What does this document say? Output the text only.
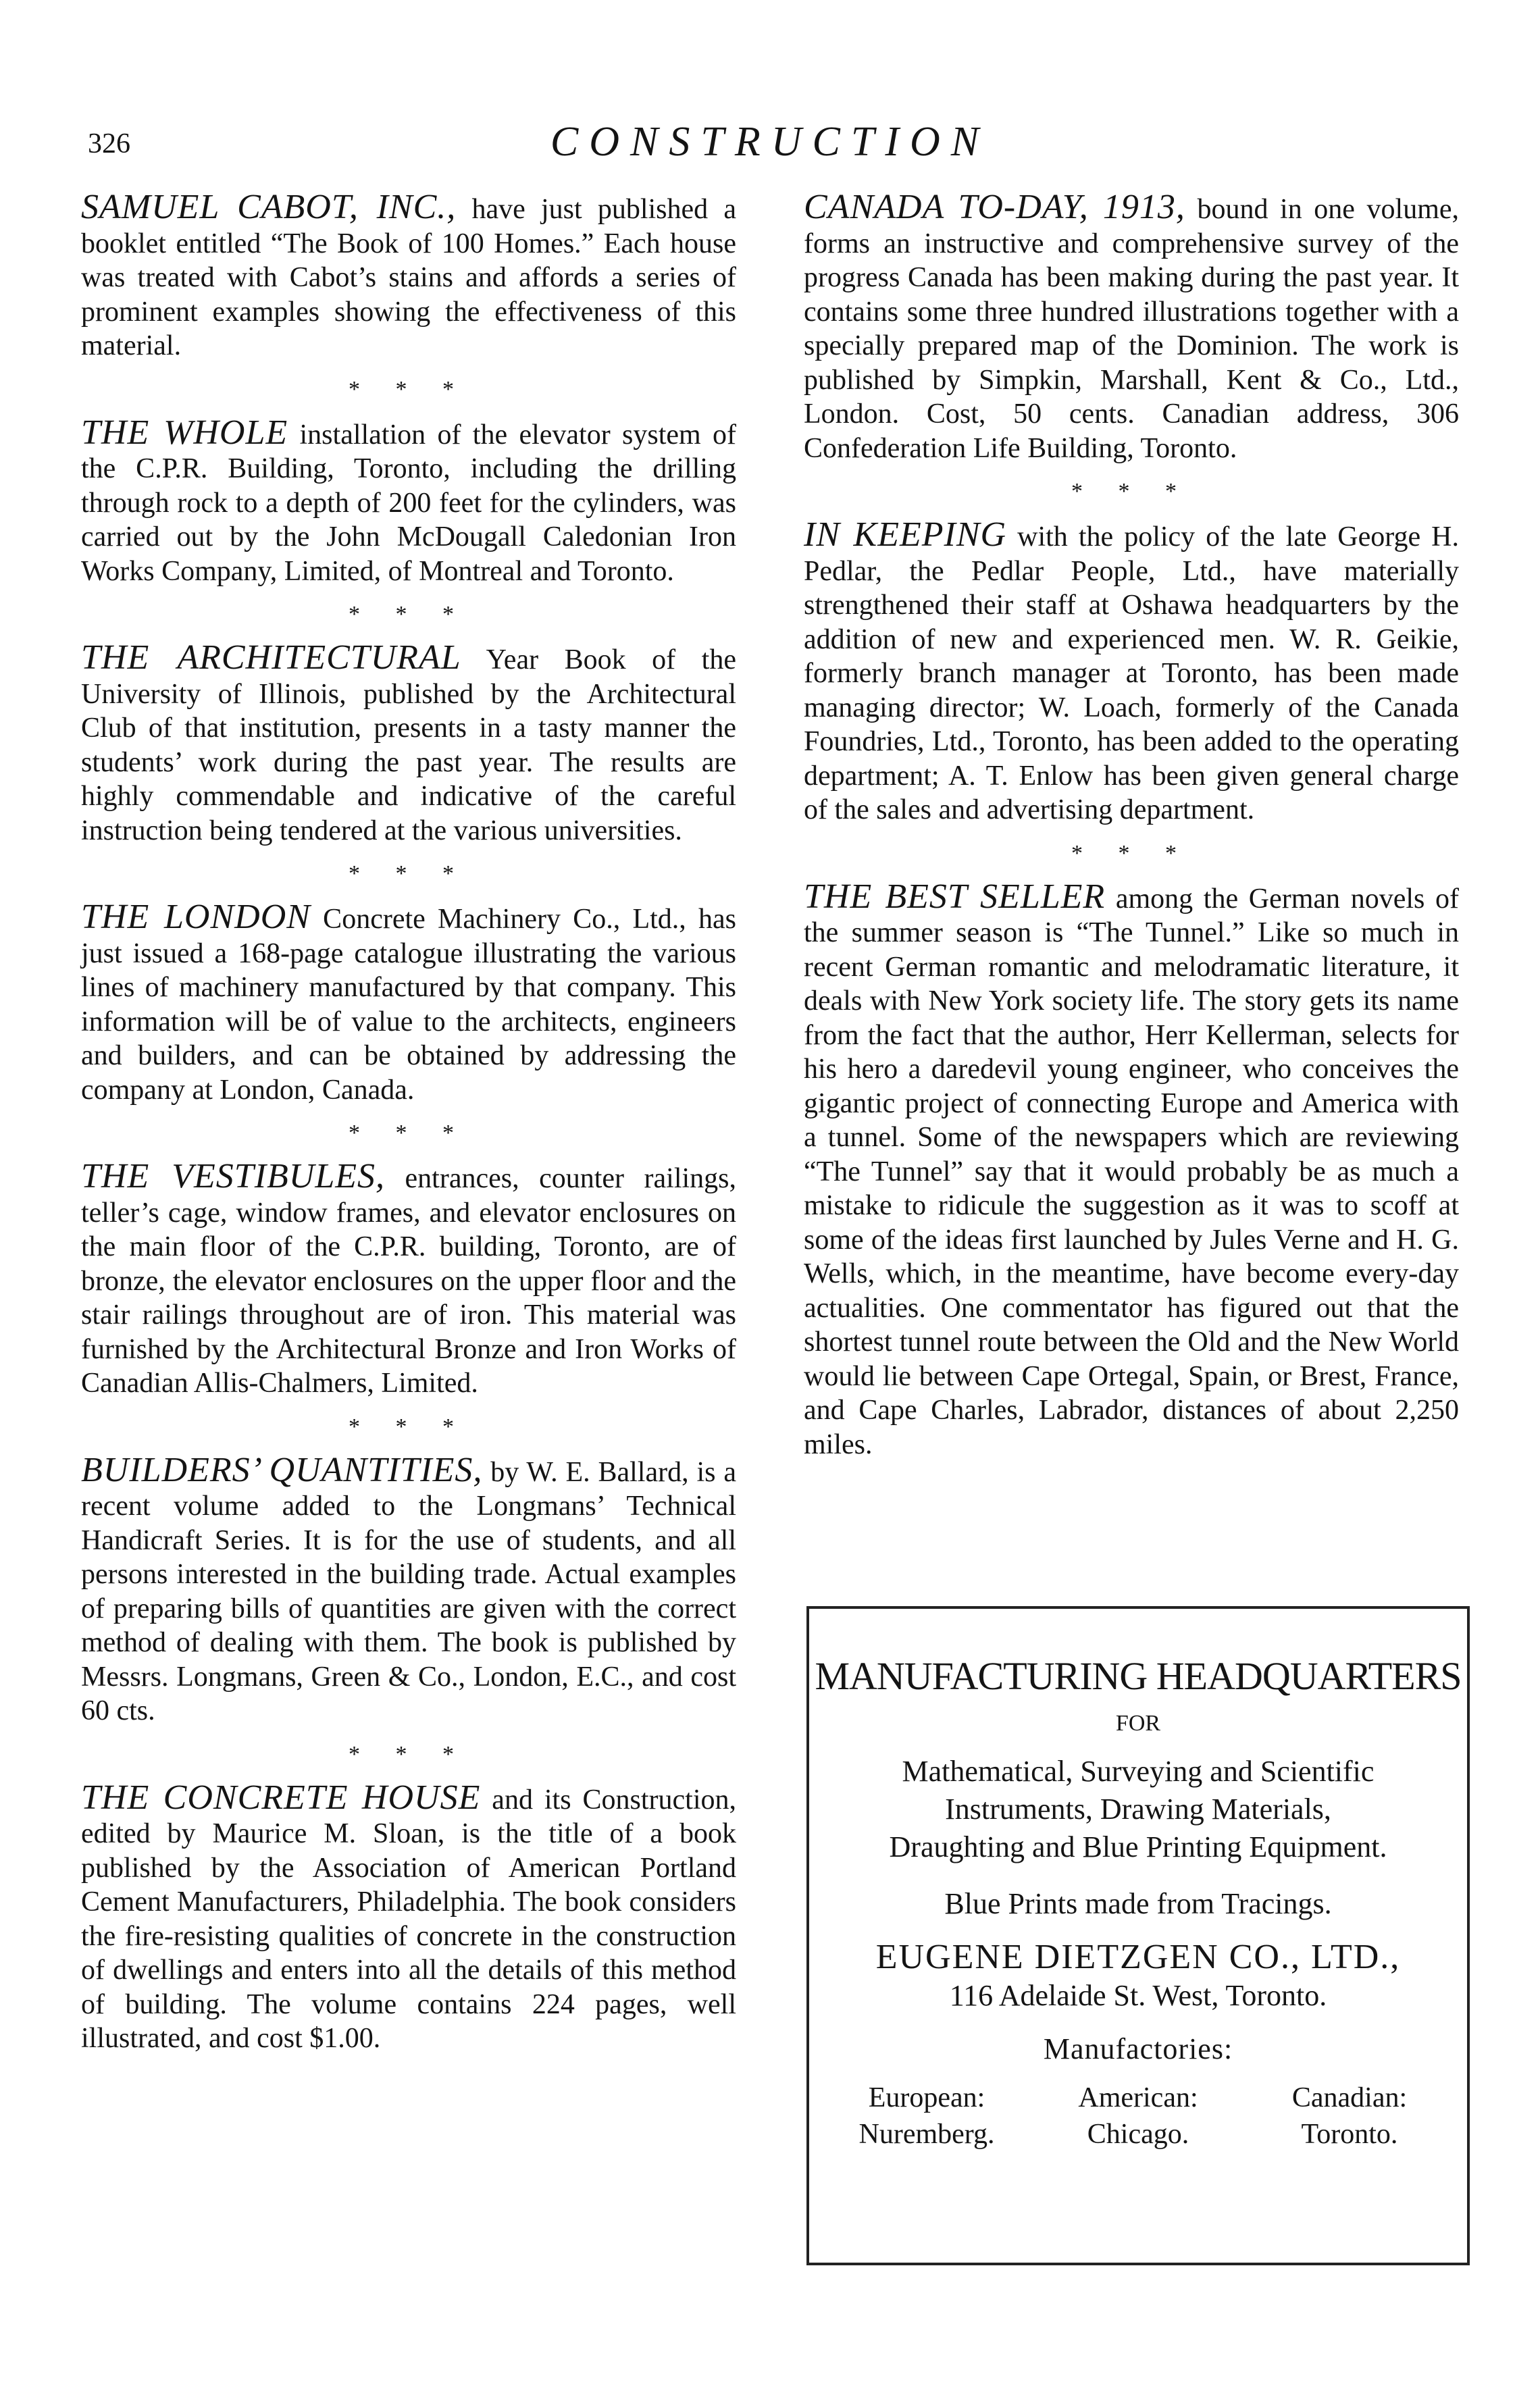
CONSTRUCTION
326

SAMUEL CABOT, INC., have just published a booklet entitled “The Book of 100 Homes.” Each house was treated with Cabot’s stains and affords a series of prominent examples showing the effectiveness of this material.

* * *

THE WHOLE installation of the elevator system of the C.P.R. Building, Toronto, including the drilling through rock to a depth of 200 feet for the cylinders, was carried out by the John McDougall Caledonian Iron Works Company, Limited, of Montreal and Toronto.

* * *

THE ARCHITECTURAL Year Book of the University of Illinois, published by the Architectural Club of that institution, presents in a tasty manner the students’ work during the past year. The results are highly commendable and indicative of the careful instruction being tendered at the various universities.

* * *

THE LONDON Concrete Machinery Co., Ltd., has just issued a 168-page catalogue illustrating the various lines of machinery manufactured by that company. This information will be of value to the architects, engineers and builders, and can be obtained by addressing the company at London, Canada.

* * *

THE VESTIBULES, entrances, counter railings, teller’s cage, window frames, and elevator enclosures on the main floor of the C.P.R. building, Toronto, are of bronze, the elevator enclosures on the upper floor and the stair railings throughout are of iron. This material was furnished by the Architectural Bronze and Iron Works of Canadian Allis-Chalmers, Limited.

* * *

BUILDERS’ QUANTITIES, by W. E. Ballard, is a recent volume added to the Longmans’ Technical Handicraft Series. It is for the use of students, and all persons interested in the building trade. Actual examples of preparing bills of quantities are given with the correct method of dealing with them. The book is published by Messrs. Longmans, Green & Co., London, E.C., and cost 60 cts.

* * *

THE CONCRETE HOUSE and its Construction, edited by Maurice M. Sloan, is the title of a book published by the Association of American Portland Cement Manufacturers, Philadelphia. The book considers the fire-resisting qualities of concrete in the construction of dwellings and enters into all the details of this method of building. The volume contains 224 pages, well illustrated, and cost $1.00.

CANADA TO-DAY, 1913, bound in one volume, forms an instructive and comprehensive survey of the progress Canada has been making during the past year. It contains some three hundred illustrations together with a specially prepared map of the Dominion. The work is published by Simpkin, Marshall, Kent & Co., Ltd., London. Cost, 50 cents. Canadian address, 306 Confederation Life Building, Toronto.

* * *

IN KEEPING with the policy of the late George H. Pedlar, the Pedlar People, Ltd., have materially strengthened their staff at Oshawa headquarters by the addition of new and experienced men. W. R. Geikie, formerly branch manager at Toronto, has been made managing director; W. Loach, formerly of the Canada Foundries, Ltd., Toronto, has been added to the operating department; A. T. Enlow has been given general charge of the sales and advertising department.

* * *

THE BEST SELLER among the German novels of the summer season is “The Tunnel.” Like so much in recent German romantic and melodramatic literature, it deals with New York society life. The story gets its name from the fact that the author, Herr Kellerman, selects for his hero a daredevil young engineer, who conceives the gigantic project of connecting Europe and America with a tunnel. Some of the newspapers which are reviewing “The Tunnel” say that it would probably be as much a mistake to ridicule the suggestion as it was to scoff at some of the ideas first launched by Jules Verne and H. G. Wells, which, in the meantime, have become every-day actualities. One commentator has figured out that the shortest tunnel route between the Old and the New World would lie between Cape Ortegal, Spain, or Brest, France, and Cape Charles, Labrador, distances of about 2,250 miles.

MANUFACTURING HEADQUARTERS
FOR
Mathematical, Surveying and Scientific Instruments, Drawing Materials, Draughting and Blue Printing Equipment.
Blue Prints made from Tracings.
EUGENE DIETZGEN CO., LTD.,
116 Adelaide St. West, Toronto.
Manufactories:
European:
Nuremberg.
American:
Chicago.
Canadian:
Toronto.
